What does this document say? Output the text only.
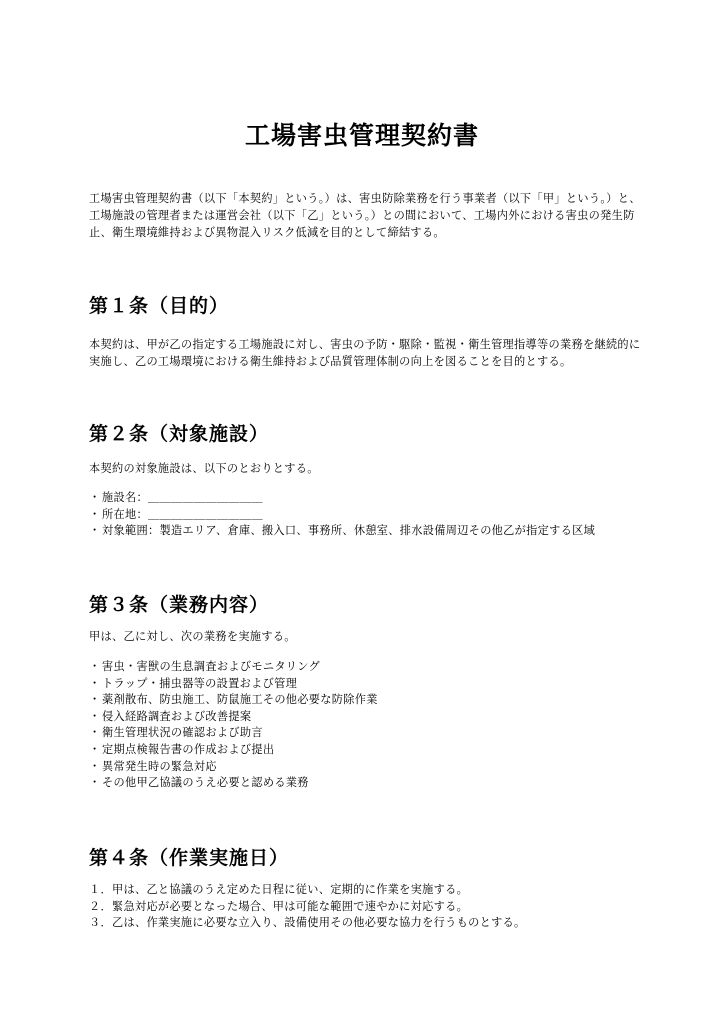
工場害虫管理契約書
工場害虫管理契約書（以下「本契約」という。）は、害虫防除業務を行う事業者（以下「甲」という。）と、工場施設の管理者または運営会社（以下「乙」という。）との間において、工場内外における害虫の発生防止、衛生環境維持および異物混入リスク低減を目的として締結する。
第１条（目的）
本契約は、甲が乙の指定する工場施設に対し、害虫の予防・駆除・監視・衛生管理指導等の業務を継続的に実施し、乙の工場環境における衛生維持および品質管理体制の向上を図ることを目的とする。
第２条（対象施設）
本契約の対象施設は、以下のとおりとする。
・ 施設名：＿＿＿＿＿＿＿＿＿＿
・ 所在地：＿＿＿＿＿＿＿＿＿＿
・ 対象範囲：製造エリア、倉庫、搬入口、事務所、休憩室、排水設備周辺その他乙が指定する区域
第３条（業務内容）
甲は、乙に対し、次の業務を実施する。
・ 害虫・害獣の生息調査およびモニタリング
・ トラップ・捕虫器等の設置および管理
・ 薬剤散布、防虫施工、防鼠施工その他必要な防除作業
・ 侵入経路調査および改善提案
・ 衛生管理状況の確認および助言
・ 定期点検報告書の作成および提出
・ 異常発生時の緊急対応
・ その他甲乙協議のうえ必要と認める業務
第４条（作業実施日）
１．甲は、乙と協議のうえ定めた日程に従い、定期的に作業を実施する。
２．緊急対応が必要となった場合、甲は可能な範囲で速やかに対応する。
３．乙は、作業実施に必要な立入り、設備使用その他必要な協力を行うものとする。
